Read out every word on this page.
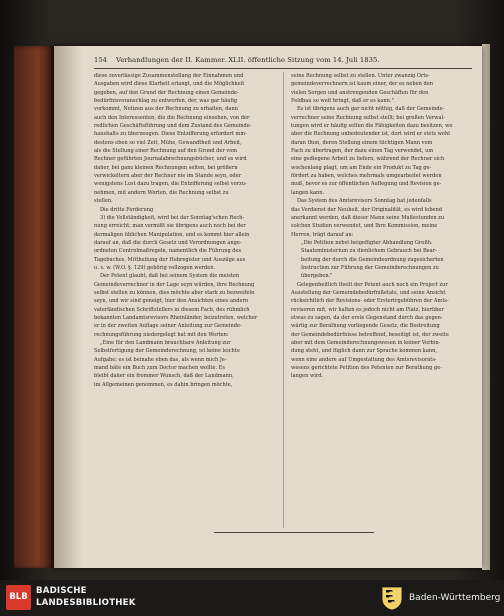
154 Verhandlungen der II. Kammer. XLII. öffentliche Sitzung vom 14. Juli 1835.
diese zuverlässige Zusammenstellung der Einnahmen und
Ausgaben wird diese Klarheit erlangt, und die Möglichkeit
gegeben, auf den Grund der Rechnung einen Gemeinde-
bedürfnisvoranschlag zu entwerfen, der, was gar häufig
vorkommt, Notizen aus der Rechnung zu erhalten, dann
auch den Interessenten, die die Rechnung einsehen, von der
redlichen Geschäftsführung und dem Zustand des Gemeinde-
haushalts zu überzeugen. Diese Entzifferung erfordert min-
destens eben so viel Zeit, Mühe, Gewandtheit und Arbeit,
als die Stellung einer Rechnung auf den Grund der vom
Rechner geführten Journalabrechnungsbücher, und es wird
daher, bei ganz kleinen Rechnungen selten, bei größern
verwickeltern aber der Rechner nie im Stande seyn, oder
wenigstens Lust dazu tragen, die Entzifferung selbst vorzu-
nehmen, mit andern Worten, die Rechnung selbst zu
stellen.
Die dritte Forderung
3) die Vollständigkeit, wird bei der Sonntag'schen Rech-
nung erreicht; man vermißt sie übrigens auch noch bei der
dermaligen üblichen Manipulation, und es kommt hier allein
darauf an, daß die durch Gesetz und Verordnungen ange-
ordneten Controlmaßregeln, namentlich die Führung des
Tagebuches, Mittheilung der Hebregister und Auszüge aus
u. s. w. (W.O. §. 129) gehörig vollzogen werden.
Der Petent glaubt, daß bei seinem System die meisten
Gemeindeverrechner in der Lage seyn würden, ihre Rechnung
selbst stellen zu können, dies möchte aber stark zu bezweifeln
seyn, und wir sind geneigt, hier den Ansichten eines andern
vaterländischen Schriftstellers in diesem Fach, des rühmlich
bekannten Landamtsrevisors Rheinländer, beizutreten, welcher
er in der zweiten Auflage seiner Anleitung zur Gemeinde-
rechnungsführung niedergelegt hat mit den Worten:
„Eine für den Landmann brauchbare Anleitung zur
Selbstfertigung der Gemeinderechnung, ist keine leichte
Aufgabe; es ist beinahe eben das, als wenn mich Je-
mand bäte ein Buch zum Doctor machen wollte. Es
bleibt daher ein frommer Wunsch, daß der Landmann,
im Allgemeinen genommen, es dahin bringen möchte,
seine Rechnung selbst zu stellen. Unter zwanzig Orts-
gemeindeverrechnern ist kaum einer, der es neben den
vielen Sorgen und anstrengenden Geschäften für den
Feldbau so weit bringt, daß er es kann."
Es ist übrigens auch gar nicht nöthig, daß der Gemeinde-
verrechner seine Rechnung selbst stellt; bei großen Verwal-
tungen wird er häufig selten die Fähigkeiten dazu besitzen, wo
aber die Rechnung unbedeutender ist, dort wird er stets wohl
daran thun, deren Stellung einem tüchtigen Mann vom
Fach zu übertragen, der dazu einen Tag verwendet, um
eine gediegene Arbeit zu liefern, während der Rechner sich
wochenlang plagt, um am Ende ein Produkt zu Tag ge-
fördert zu haben, welches mehrmals umgearbeitet werden
muß, bevor es zur öffentlichen Auflegung und Revision ge-
langen kann.
Das System des Amtsrevisors Sonntag hat jedenfalls
das Verdienst der Neuheit, der Originalität, es wird lobend
anerkannt werden, daß dieser Mann seine Mußestunden zu
solchen Studien verwendet, und Ihre Kommission, meine
Herren, trägt darauf an:
„Die Petition nebst beigefügter Abhandlung Großh.
Staatsministerium zu dienlichem Gebrauch bei Bear-
beitung der durch die Gemeindeordnung zugesicherten
Instruction zur Führung der Gemeinderechnungen zu
übergeben."
Gelegenheitlich theilt der Petent auch noch ein Project zur
Ausstellung der Gemeindebedürfnißetats, und seine Ansicht
rücksichtlich der Revisions- oder Erstertrgebühren der Amts-
revisoren mit, wir halten es jedoch nicht am Platz, hierüber
etwas zu sagen, da der erste Gegenstand durch das gegen-
wärtig zur Berathung vorliegende Gesetz, die Bestreitung
der Gemeindebedürfnisse betreffend, beseitigt ist, der zweite
aber mit dem Gemeinderechnungswesen in keiner Verbin-
dung steht, und füglich dann zur Sprache kommen kann,
wenn eine andere auf Umgestaltung des Amtsrevisorats-
wesens gerichtete Petition des Petenten zur Berathung ge-
langen wird.
BLB
BADISCHE
LANDESBIBLIOTHEK	Baden-Württemberg
